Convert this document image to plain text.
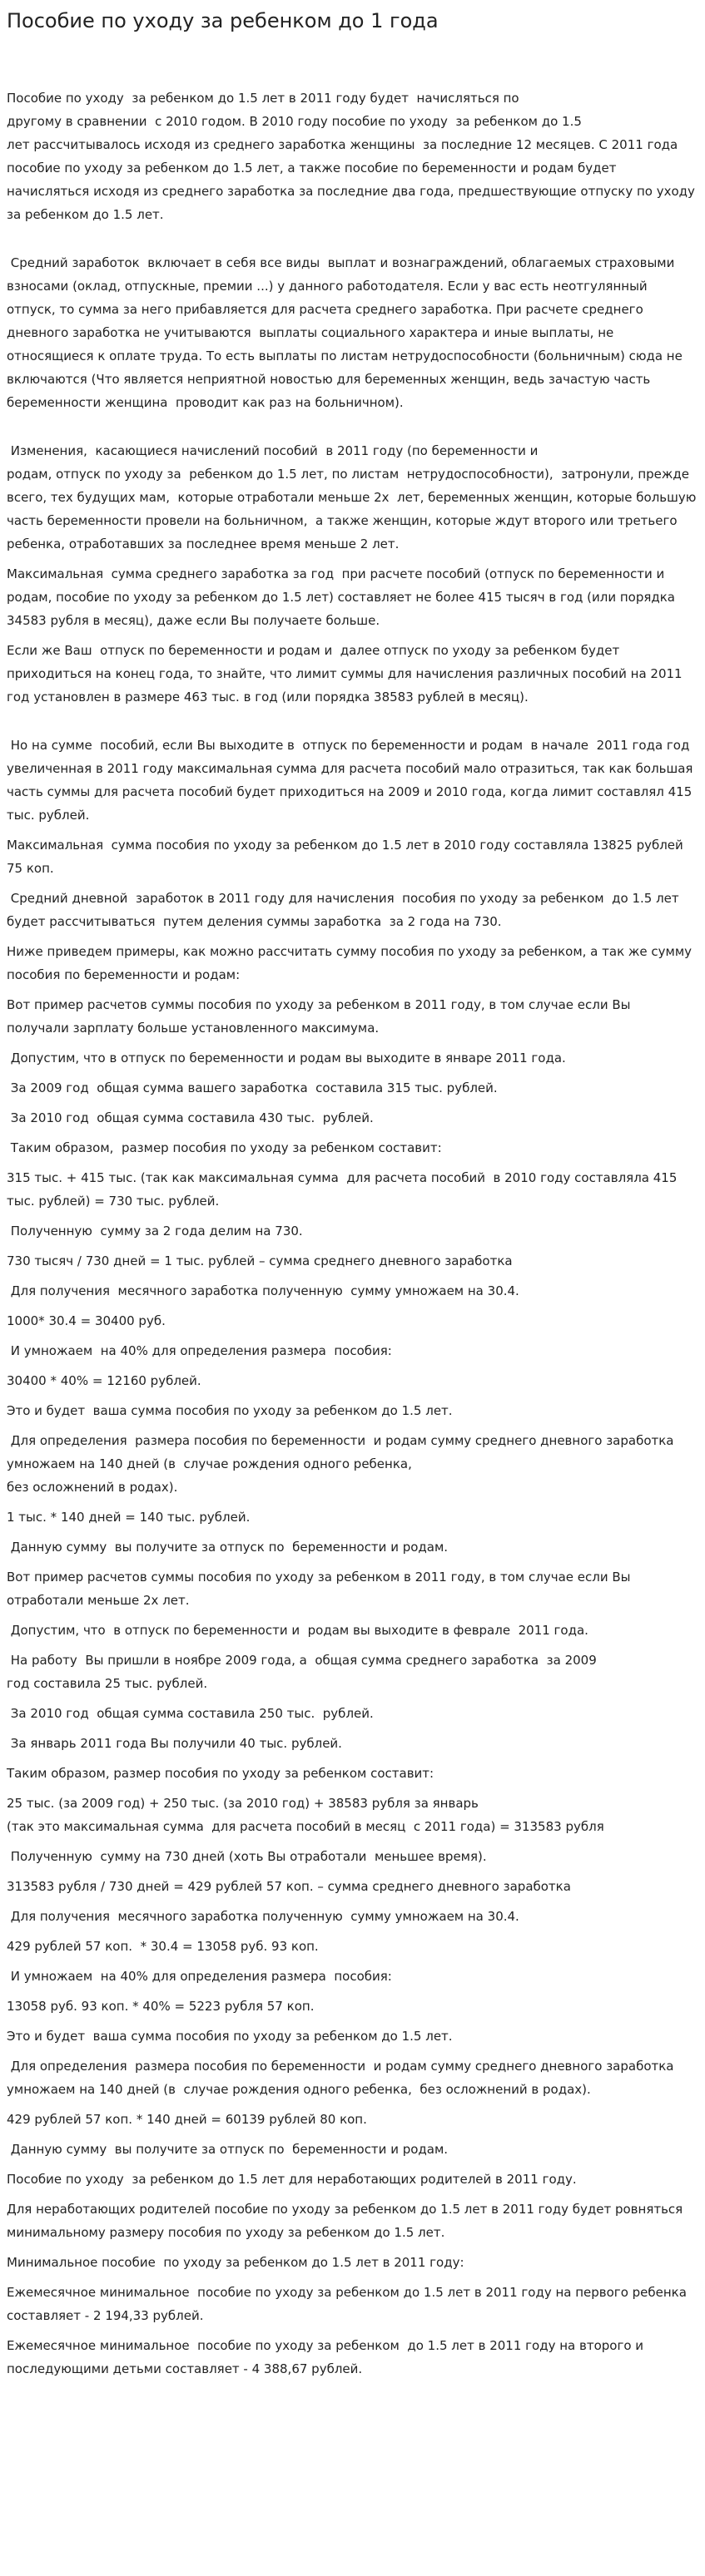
Пособие по уходу за ребенком до 1 года

Пособие по уходу  за ребенком до 1.5 лет в 2011 году будет  начисляться по
другому в сравнении  с 2010 годом. В 2010 году пособие по уходу  за ребенком до 1.5
лет рассчитывалось исходя из среднего заработка женщины  за последние 12 месяцев. С 2011 года пособие по уходу за ребенком до 1.5 лет, а также пособие по беременности и родам будет начисляться исходя из среднего заработка за последние два года, предшествующие отпуску по уходу за ребенком до 1.5 лет.

Средний заработок  включает в себя все виды  выплат и вознаграждений, облагаемых страховыми взносами (оклад, отпускные, премии ...) у данного работодателя. Если у вас есть неотгулянный отпуск, то сумма за него прибавляется для расчета среднего заработка. При расчете среднего дневного заработка не учитываются  выплаты социального характера и иные выплаты, не относящиеся к оплате труда. То есть выплаты по листам нетрудоспособности (больничным) сюда не включаются (Что является неприятной новостью для беременных женщин, ведь зачастую часть беременности женщина  проводит как раз на больничном).

Изменения,  касающиеся начислений пособий  в 2011 году (по беременности и
родам, отпуск по уходу за  ребенком до 1.5 лет, по листам  нетрудоспособности),  затронули, прежде всего, тех будущих мам,  которые отработали меньше 2х  лет, беременных женщин, которые большую часть беременности провели на больничном,  а также женщин, которые ждут второго или третьего ребенка, отработавших за последнее время меньше 2 лет.

Максимальная  сумма среднего заработка за год  при расчете пособий (отпуск по беременности и родам, пособие по уходу за ребенком до 1.5 лет) составляет не более 415 тысяч в год (или порядка 34583 рубля в месяц), даже если Вы получаете больше.

Если же Ваш  отпуск по беременности и родам и  далее отпуск по уходу за ребенком будет приходиться на конец года, то знайте, что лимит суммы для начисления различных пособий на 2011 год установлен в размере 463 тыс. в год (или порядка 38583 рублей в месяц).

Но на сумме  пособий, если Вы выходите в  отпуск по беременности и родам  в начале  2011 года год увеличенная в 2011 году максимальная сумма для расчета пособий мало отразиться, так как большая часть суммы для расчета пособий будет приходиться на 2009 и 2010 года, когда лимит составлял 415 тыс. рублей.

Максимальная  сумма пособия по уходу за ребенком до 1.5 лет в 2010 году составляла 13825 рублей 75 коп.

Средний дневной  заработок в 2011 году для начисления  пособия по уходу за ребенком  до 1.5 лет будет рассчитываться  путем деления суммы заработка  за 2 года на 730.

Ниже приведем примеры, как можно рассчитать сумму пособия по уходу за ребенком, а так же сумму пособия по беременности и родам:

Вот пример расчетов суммы пособия по уходу за ребенком в 2011 году, в том случае если Вы получали зарплату больше установленного максимума.

Допустим, что в отпуск по беременности и родам вы выходите в январе 2011 года.

За 2009 год  общая сумма вашего заработка  составила 315 тыс. рублей.

За 2010 год  общая сумма составила 430 тыс.  рублей.

Таким образом,  размер пособия по уходу за ребенком составит:

315 тыс. + 415 тыс. (так как максимальная сумма  для расчета пособий  в 2010 году составляла 415 тыс. рублей) = 730 тыс. рублей.

Полученную  сумму за 2 года делим на 730.

730 тысяч / 730 дней = 1 тыс. рублей – сумма среднего дневного заработка

Для получения  месячного заработка полученную  сумму умножаем на 30.4.

1000* 30.4 = 30400 руб.

И умножаем  на 40% для определения размера  пособия:

30400 * 40% = 12160 рублей.

Это и будет  ваша сумма пособия по уходу за ребенком до 1.5 лет.

Для определения  размера пособия по беременности  и родам сумму среднего дневного заработка умножаем на 140 дней (в  случае рождения одного ребенка,
без осложнений в родах).

1 тыс. * 140 дней = 140 тыс. рублей.

Данную сумму  вы получите за отпуск по  беременности и родам.

Вот пример расчетов суммы пособия по уходу за ребенком в 2011 году, в том случае если Вы отработали меньше 2х лет.

Допустим, что  в отпуск по беременности и  родам вы выходите в феврале  2011 года.

На работу  Вы пришли в ноябре 2009 года, а  общая сумма среднего заработка  за 2009
год составила 25 тыс. рублей.

За 2010 год  общая сумма составила 250 тыс.  рублей.

За январь 2011 года Вы получили 40 тыс. рублей.

Таким образом, размер пособия по уходу за ребенком составит:

25 тыс. (за 2009 год) + 250 тыс. (за 2010 год) + 38583 рубля за январь
(так это максимальная сумма  для расчета пособий в месяц  с 2011 года) = 313583 рубля

Полученную  сумму на 730 дней (хоть Вы отработали  меньшее время).

313583 рубля / 730 дней = 429 рублей 57 коп. – сумма среднего дневного заработка

Для получения  месячного заработка полученную  сумму умножаем на 30.4.

429 рублей 57 коп.  * 30.4 = 13058 руб. 93 коп.

И умножаем  на 40% для определения размера  пособия:

13058 руб. 93 коп. * 40% = 5223 рубля 57 коп.

Это и будет  ваша сумма пособия по уходу за ребенком до 1.5 лет.

Для определения  размера пособия по беременности  и родам сумму среднего дневного заработка умножаем на 140 дней (в  случае рождения одного ребенка,  без осложнений в родах).

429 рублей 57 коп. * 140 дней = 60139 рублей 80 коп.

Данную сумму  вы получите за отпуск по  беременности и родам.

Пособие по уходу  за ребенком до 1.5 лет для неработающих родителей в 2011 году.

Для неработающих родителей пособие по уходу за ребенком до 1.5 лет в 2011 году будет ровняться минимальному размеру пособия по уходу за ребенком до 1.5 лет.

Минимальное пособие  по уходу за ребенком до 1.5 лет в 2011 году:

Ежемесячное минимальное  пособие по уходу за ребенком до 1.5 лет в 2011 году на первого ребенка составляет - 2 194,33 рублей.

Ежемесячное минимальное  пособие по уходу за ребенком  до 1.5 лет в 2011 году на второго и последующими детьми составляет - 4 388,67 рублей.
